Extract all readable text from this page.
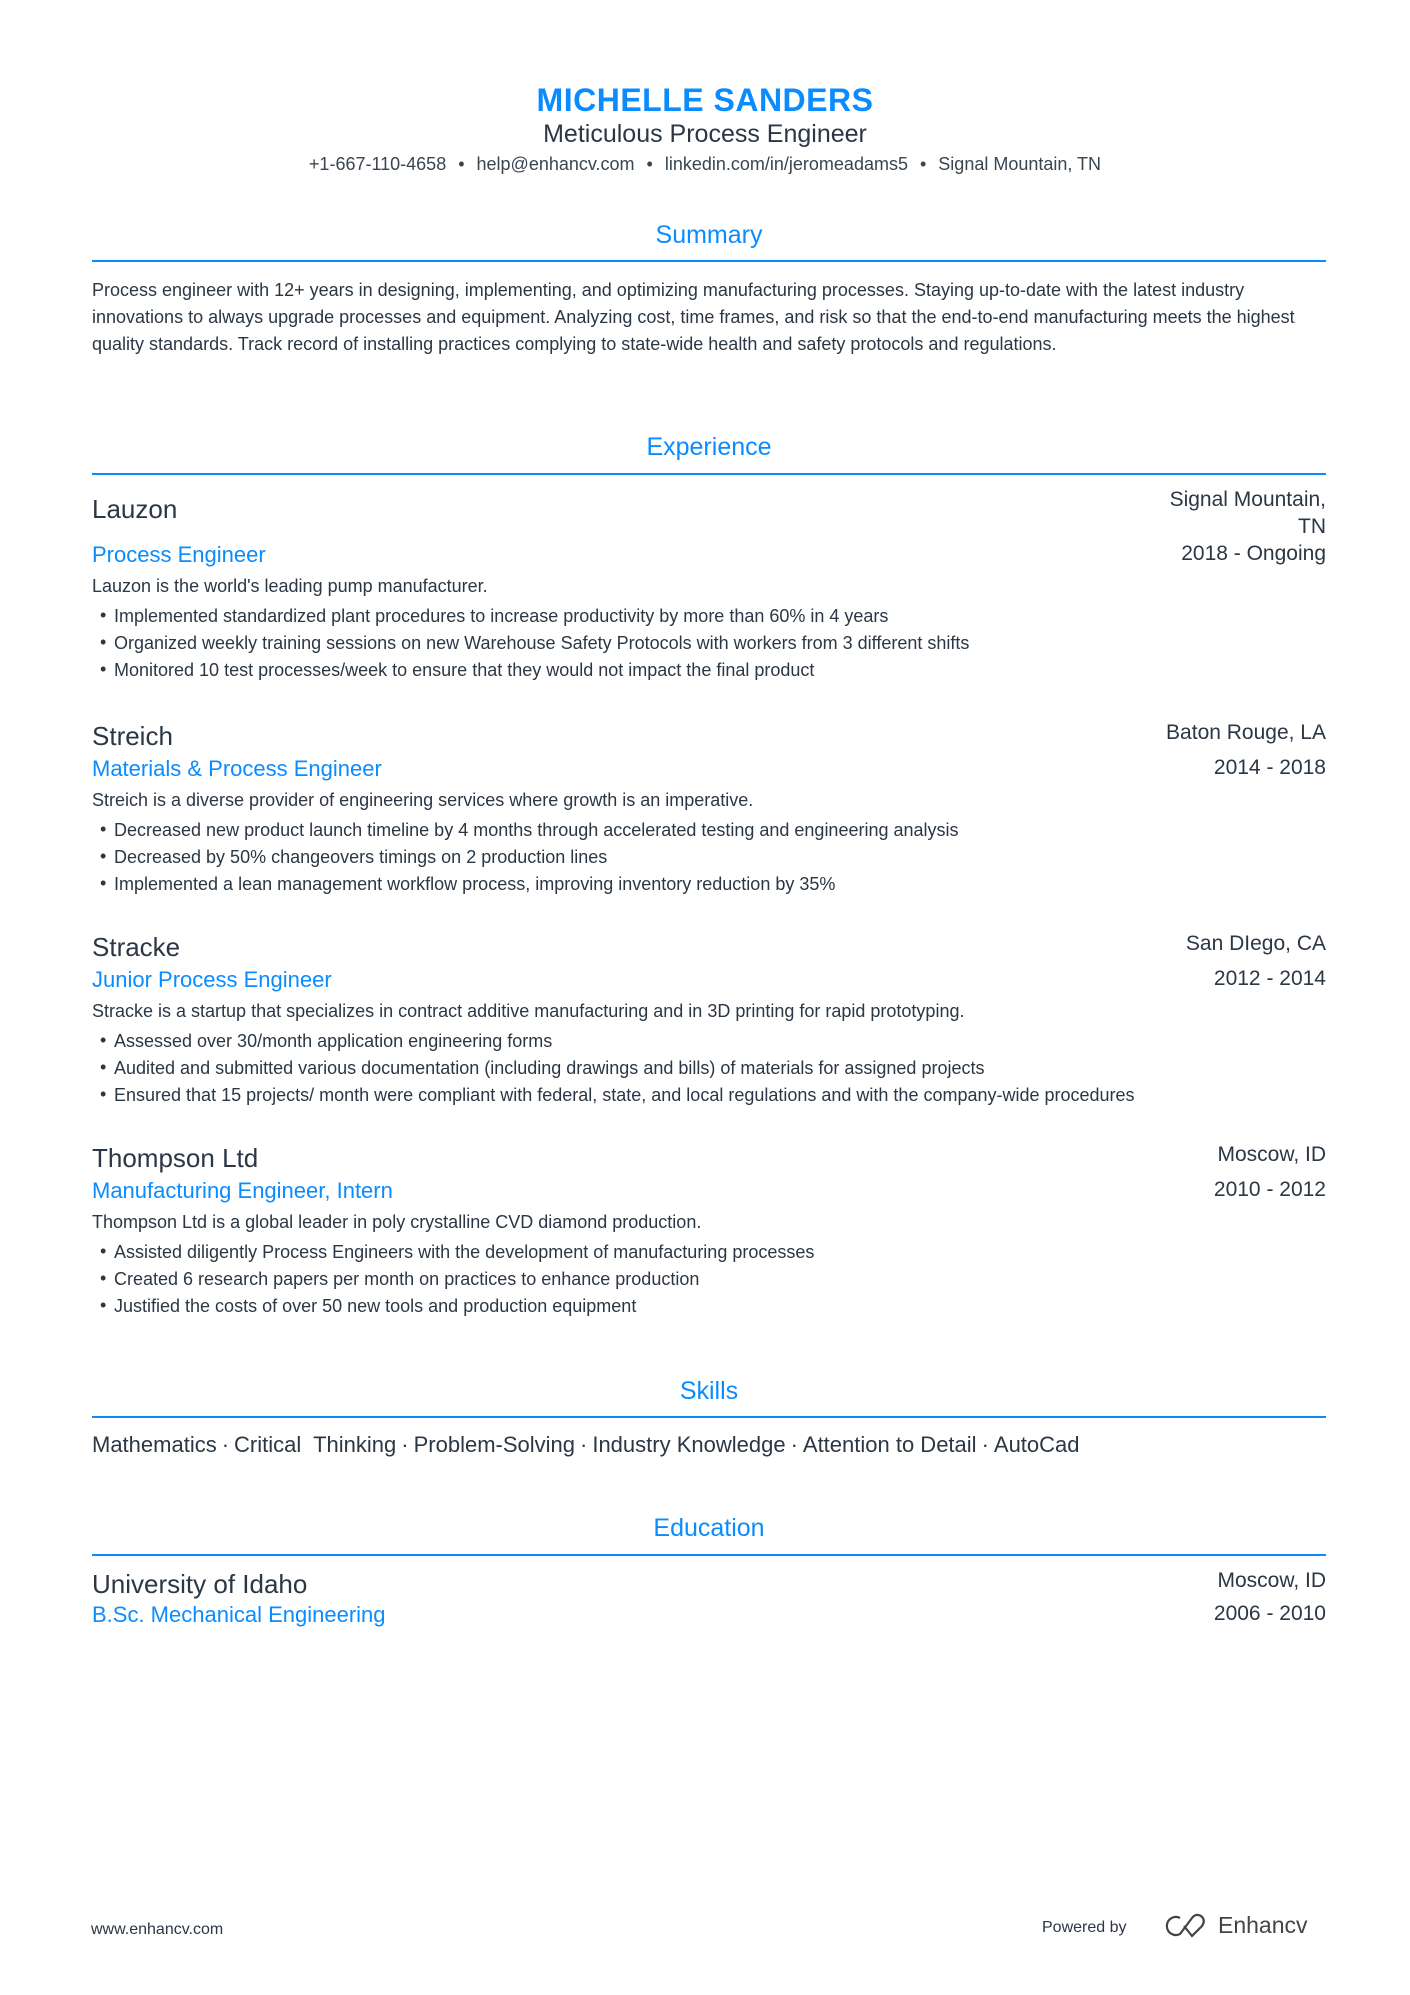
MICHELLE SANDERS
Meticulous Process Engineer
+1-667-110-4658 • help@enhancv.com • linkedin.com/in/jeromeadams5 • Signal Mountain, TN
Summary
Process engineer with 12+ years in designing, implementing, and optimizing manufacturing processes. Staying up-to-date with the latest industry innovations to always upgrade processes and equipment. Analyzing cost, time frames, and risk so that the end-to-end manufacturing meets the highest quality standards. Track record of installing practices complying to state-wide health and safety protocols and regulations.
Experience
Lauzon	Signal Mountain, TN
Process Engineer	2018 - Ongoing
Lauzon is the world's leading pump manufacturer.
• Implemented standardized plant procedures to increase productivity by more than 60% in 4 years
• Organized weekly training sessions on new Warehouse Safety Protocols with workers from 3 different shifts
• Monitored 10 test processes/week to ensure that they would not impact the final product
Streich	Baton Rouge, LA
Materials & Process Engineer	2014 - 2018
Streich is a diverse provider of engineering services where growth is an imperative.
• Decreased new product launch timeline by 4 months through accelerated testing and engineering analysis
• Decreased by 50% changeovers timings on 2 production lines
• Implemented a lean management workflow process, improving inventory reduction by 35%
Stracke	San DIego, CA
Junior Process Engineer	2012 - 2014
Stracke is a startup that specializes in contract additive manufacturing and in 3D printing for rapid prototyping.
• Assessed over 30/month application engineering forms
• Audited and submitted various documentation (including drawings and bills) of materials for assigned projects
• Ensured that 15 projects/ month were compliant with federal, state, and local regulations and with the company-wide procedures
Thompson Ltd	Moscow, ID
Manufacturing Engineer, Intern	2010 - 2012
Thompson Ltd is a global leader in poly crystalline CVD diamond production.
• Assisted diligently Process Engineers with the development of manufacturing processes
• Created 6 research papers per month on practices to enhance production
• Justified the costs of over 50 new tools and production equipment
Skills
Mathematics · Critical  Thinking · Problem-Solving · Industry Knowledge · Attention to Detail · AutoCad
Education
University of Idaho	Moscow, ID
B.Sc. Mechanical Engineering	2006 - 2010
www.enhancv.com	Powered by	Enhancv
